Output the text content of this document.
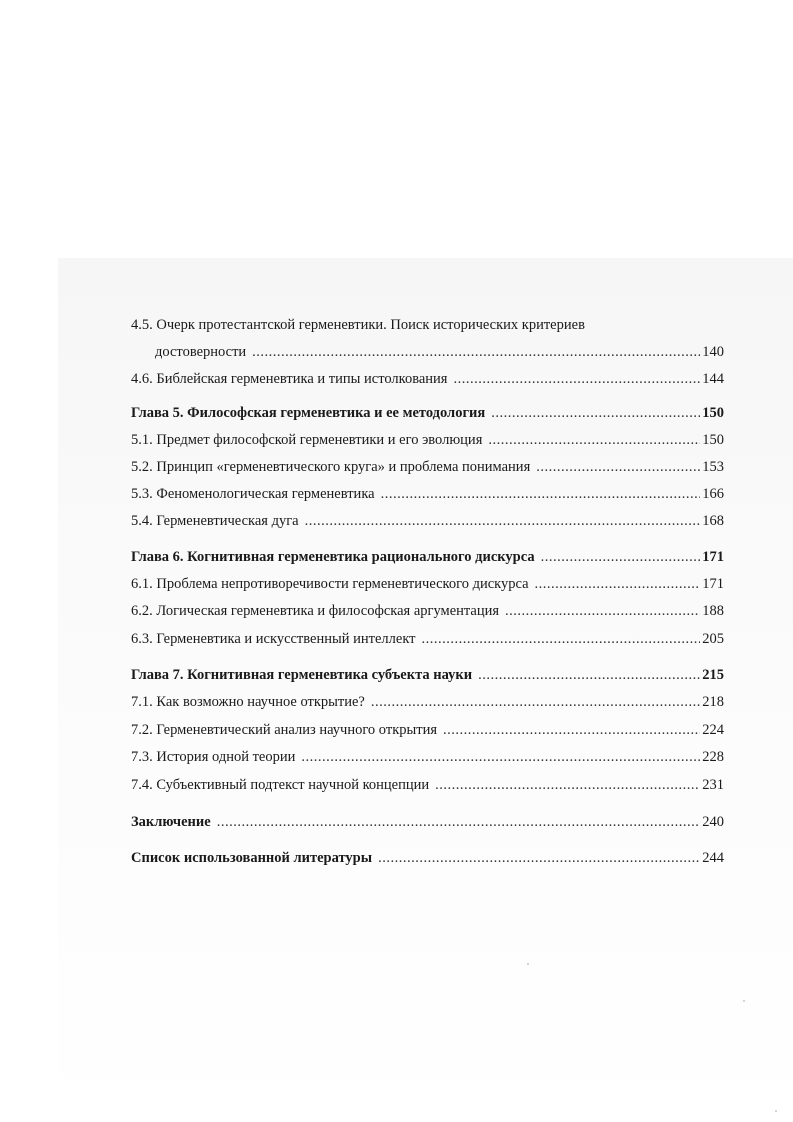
4.5. Очерк протестантской герменевтики. Поиск исторических критериев
достоверности .....	140
4.6. Библейская герменевтика и типы истолкования .....	144
Глава 5. Философская герменевтика и ее методология .....	150
5.1. Предмет философской герменевтики и его эволюция .....	150
5.2. Принцип «герменевтического круга» и проблема понимания .....	153
5.3. Феноменологическая герменевтика .....	166
5.4. Герменевтическая дуга .....	168
Глава 6. Когнитивная герменевтика рационального дискурса .....	171
6.1. Проблема непротиворечивости герменевтического дискурса .....	171
6.2. Логическая герменевтика и философская аргументация .....	188
6.3. Герменевтика и искусственный интеллект .....	205
Глава 7. Когнитивная герменевтика субъекта науки .....	215
7.1. Как возможно научное открытие? .....	218
7.2. Герменевтический анализ научного открытия .....	224
7.3. История одной теории .....	228
7.4. Субъективный подтекст научной концепции .....	231
Заключение .....	240
Список использованной литературы .....	244
